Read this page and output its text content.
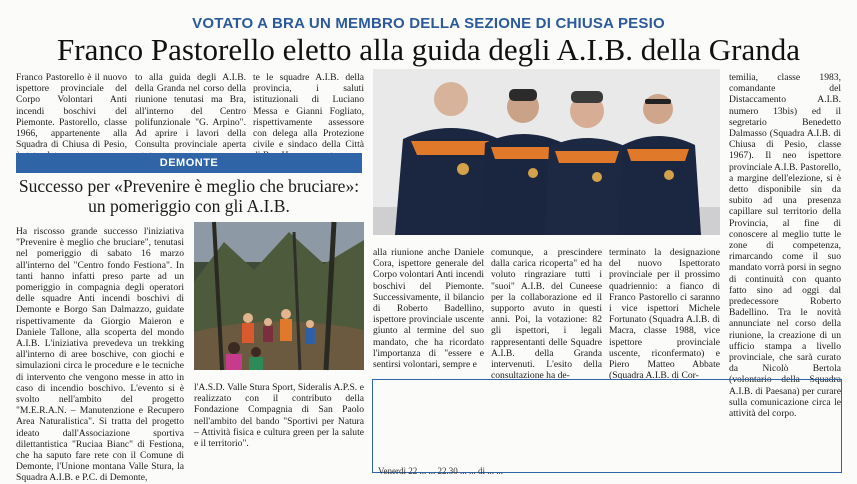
VOTATO A BRA UN MEMBRO DELLA SEZIONE DI CHIUSA PESIO
Franco Pastorello eletto alla guida degli A.I.B. della Granda
Franco Pastorello è il nuovo ispettore provinciale del Corpo Volontari Anti incendi boschivi del Piemonte. Pastorello, classe 1966, appartenente alla Squadra di Chiusa di Pesio,
to alla guida degli A.I.B. della Granda nel corso della riunione tenutasi ma Bra, all'interno del Centro polifunzionale "G. Arpino". Ad aprire i lavori della Consulta provinciale aperta
te le squadre A.I.B. della provincia, i saluti istituzionali di Luciano Messa e Gianni Fogliato, rispettivamente assessore con delega alla Protezione civile e sindaco della Città
DEMONTE
Successo per «Prevenire è meglio che bruciare»: un pomeriggio con gli A.I.B.
Ha riscosso grande successo l'iniziativa "Prevenire è meglio che bruciare", tenutasi nel pomeriggio di sabato 16 marzo all'interno del "Centro fondo Festiona". In tanti hanno infatti preso parte ad un pomeriggio in compagnia degli operatori delle squadre Anti incendi boschivi di Demonte e Borgo San Dalmazzo, guidate rispettivamente da Giorgio Maieron e Daniele Tallone, alla scoperta del mondo A.I.B. L'iniziativa prevedeva un trekking all'interno di aree boschive, con giochi e simulazioni circa le procedure e le tecniche di intervento che vengono messe in atto in caso di incendio boschivo. L'evento si è svolto nell'ambito del progetto "M.E.R.A.N. – Manutenzione e Recupero Area Naturalistica". Si tratta del progetto ideato dall'Associazione sportiva dilettantistica "Ruciaa Bianc" di Festiona, che ha saputo fare rete con il Comune di Demonte, l'Unione montana Valle Stura, la Squadra A.I.B. e P.C. di Demonte,
l'A.S.D. Valle Stura Sport, Sideralis A.P.S. e realizzato con il contributo della Fondazione Compagnia di San Paolo nell'ambito del bando "Sportivi per Natura – Attività fisica e cultura green per la salute e il territorio".
alla riunione anche Daniele Cora, ispettore generale del Corpo volontari Anti incendi boschivi del Piemonte. Successivamente, il bilancio di Roberto Badellino, ispettore provinciale uscente giunto al termine del suo mandato, che ha ricordato l'importanza di "essere e sentirsi volontari, sempre e
comunque, a prescindere dalla carica ricoperta" ed ha voluto ringraziare tutti i "suoi" A.I.B. del Cuneese per la collaborazione ed il supporto avuto in questi anni. Poi, la votazione: 82 gli ispettori, i legali rappresentanti delle Squadre A.I.B. della Granda intervenuti. L'esito della consultazione ha de-
terminato la designazione del nuovo Ispettorato provinciale per il prossimo quadriennio: a fianco di Franco Pastorello ci saranno i vice ispettori Michele Fortunato (Squadra A.I.B. di Macra, classe 1988, vice ispettore provinciale uscente, riconfermato) e Piero Matteo Abbate (Squadra A.I.B. di Cor-
temilia, classe 1983, comandante del Distaccamento A.I.B. numero 13bis) ed il segretario Benedetto Dalmasso (Squadra A.I.B. di Chiusa di Pesio, classe 1967). Il neo ispettore provinciale A.I.B. Pastorello, a margine dell'elezione, si è detto disponibile sin da subito ad una presenza capillare sul territorio della Provincia, al fine di conoscere al meglio tutte le zone di competenza, rimarcando come il suo mandato vorrà porsi in segno di continuità con quanto fatto sino ad oggi dal predecessore Roberto Badellino. Tra le novità annunciate nel corso della riunione, la creazione di un ufficio stampa a livello provinciale, che sarà curato da Nicolò Bertola (volontario della Squadra A.I.B. di Paesana) per curare sulla comunicazione circa le attività del corpo.
Venerdì 22 ... ... 22.30 ... ... di ... ...
